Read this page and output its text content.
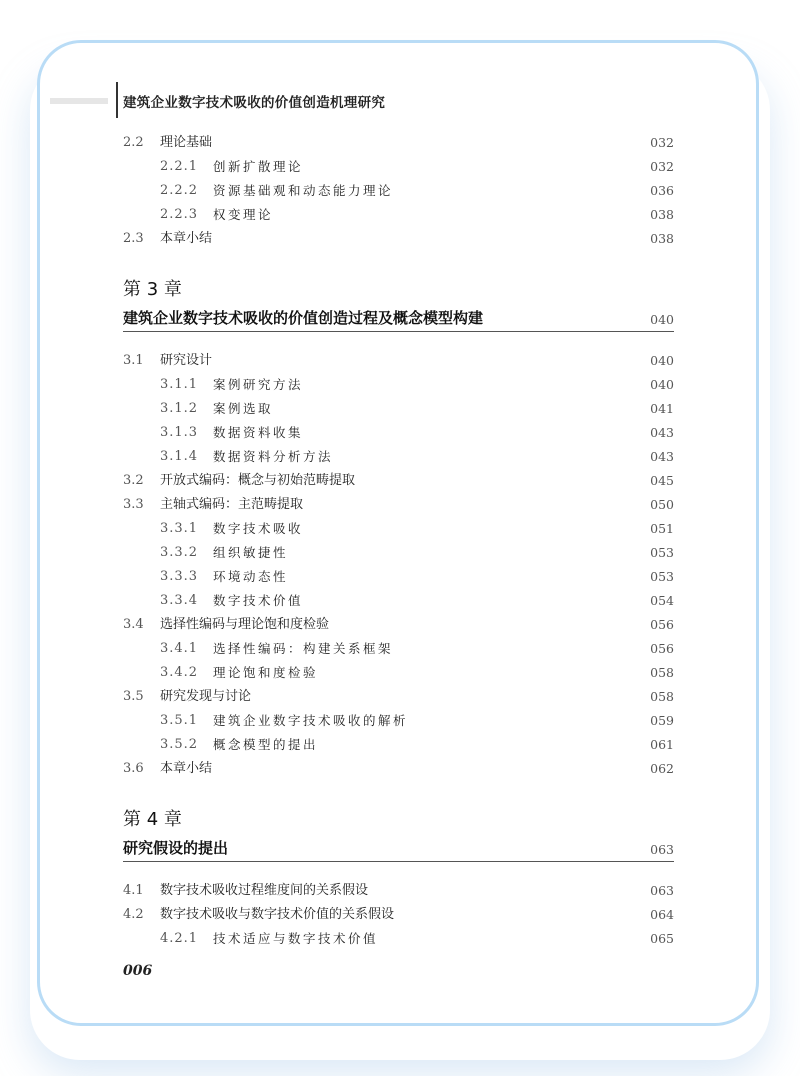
建筑企业数字技术吸收的价值创造机理研究
2.2 理论基础	032
2.2.1 创新扩散理论	032
2.2.2 资源基础观和动态能力理论	036
2.2.3 权变理论	038
2.3 本章小结	038
第 3 章
建筑企业数字技术吸收的价值创造过程及概念模型构建	040
3.1 研究设计	040
3.1.1 案例研究方法	040
3.1.2 案例选取	041
3.1.3 数据资料收集	043
3.1.4 数据资料分析方法	043
3.2 开放式编码：概念与初始范畴提取	045
3.3 主轴式编码：主范畴提取	050
3.3.1 数字技术吸收	051
3.3.2 组织敏捷性	053
3.3.3 环境动态性	053
3.3.4 数字技术价值	054
3.4 选择性编码与理论饱和度检验	056
3.4.1 选择性编码：构建关系框架	056
3.4.2 理论饱和度检验	058
3.5 研究发现与讨论	058
3.5.1 建筑企业数字技术吸收的解析	059
3.5.2 概念模型的提出	061
3.6 本章小结	062
第 4 章
研究假设的提出	063
4.1 数字技术吸收过程维度间的关系假设	063
4.2 数字技术吸收与数字技术价值的关系假设	064
4.2.1 技术适应与数字技术价值	065
006
